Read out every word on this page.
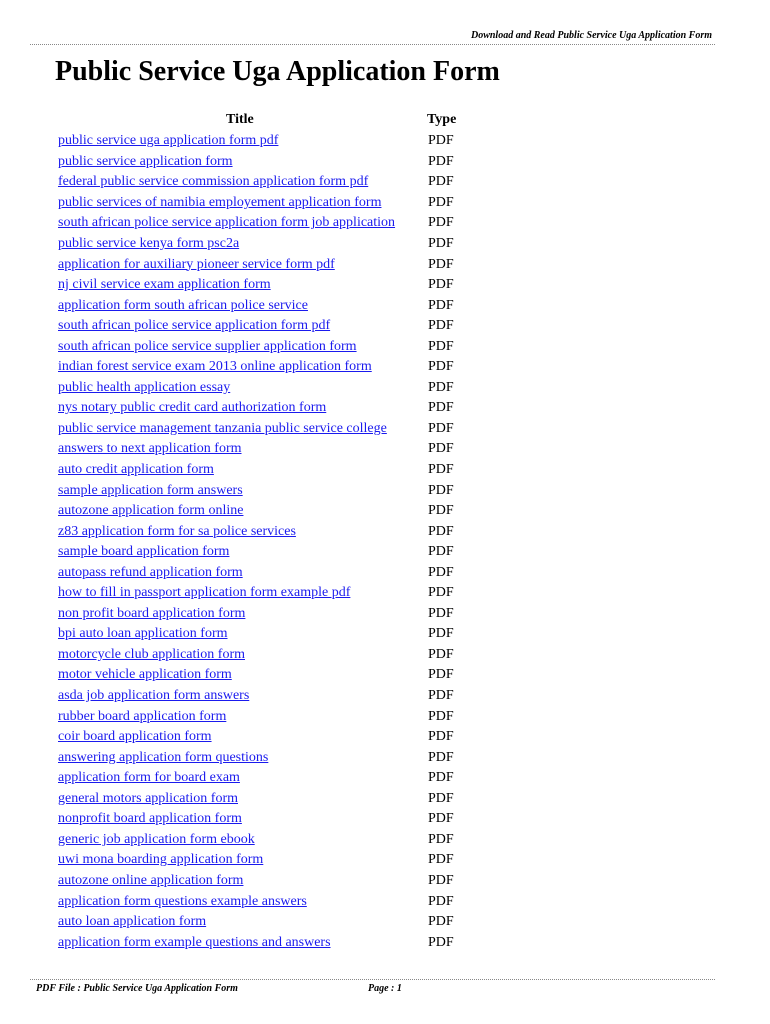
Download and Read Public Service Uga Application Form
Public Service Uga Application Form
Title	Type
public service uga application form pdf	PDF
public service application form	PDF
federal public service commission application form pdf	PDF
public services of namibia employement application form	PDF
south african police service application form job application	PDF
public service kenya form psc2a	PDF
application for auxiliary pioneer service form pdf	PDF
nj civil service exam application form	PDF
application form south african police service	PDF
south african police service application form pdf	PDF
south african police service supplier application form	PDF
indian forest service exam 2013 online application form	PDF
public health application essay	PDF
nys notary public credit card authorization form	PDF
public service management tanzania public service college	PDF
answers to next application form	PDF
auto credit application form	PDF
sample application form answers	PDF
autozone application form online	PDF
z83 application form for sa police services	PDF
sample board application form	PDF
autopass refund application form	PDF
how to fill in passport application form example pdf	PDF
non profit board application form	PDF
bpi auto loan application form	PDF
motorcycle club application form	PDF
motor vehicle application form	PDF
asda job application form answers	PDF
rubber board application form	PDF
coir board application form	PDF
answering application form questions	PDF
application form for board exam	PDF
general motors application form	PDF
nonprofit board application form	PDF
generic job application form ebook	PDF
uwi mona boarding application form	PDF
autozone online application form	PDF
application form questions example answers	PDF
auto loan application form	PDF
application form example questions and answers	PDF
PDF File : Public Service Uga Application Form	Page : 1
